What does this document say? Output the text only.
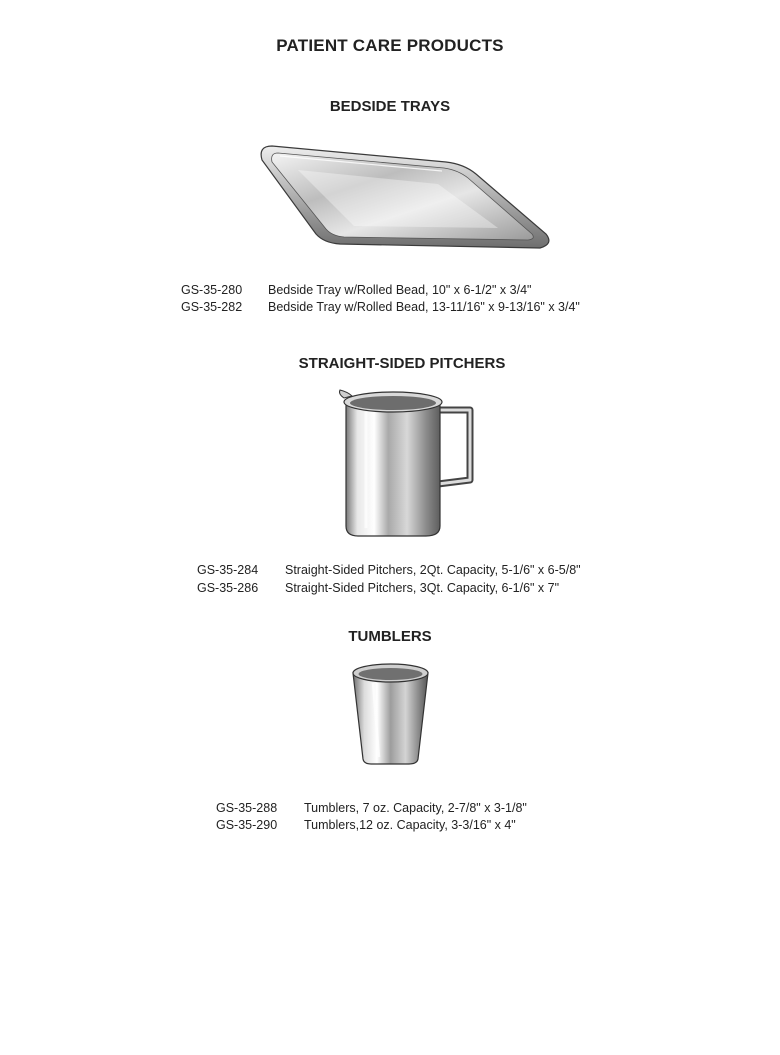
PATIENT CARE PRODUCTS
BEDSIDE TRAYS
GS-35-280 Bedside Tray w/Rolled Bead, 10" x 6-1/2" x 3/4"
GS-35-282 Bedside Tray w/Rolled Bead, 13-11/16" x 9-13/16" x 3/4"
STRAIGHT-SIDED PITCHERS
GS-35-284 Straight-Sided Pitchers, 2Qt. Capacity, 5-1/6" x 6-5/8"
GS-35-286 Straight-Sided Pitchers, 3Qt. Capacity, 6-1/6" x 7"
TUMBLERS
GS-35-288 Tumblers, 7 oz. Capacity, 2-7/8" x 3-1/8"
GS-35-290 Tumblers,12 oz. Capacity, 3-3/16" x 4"
